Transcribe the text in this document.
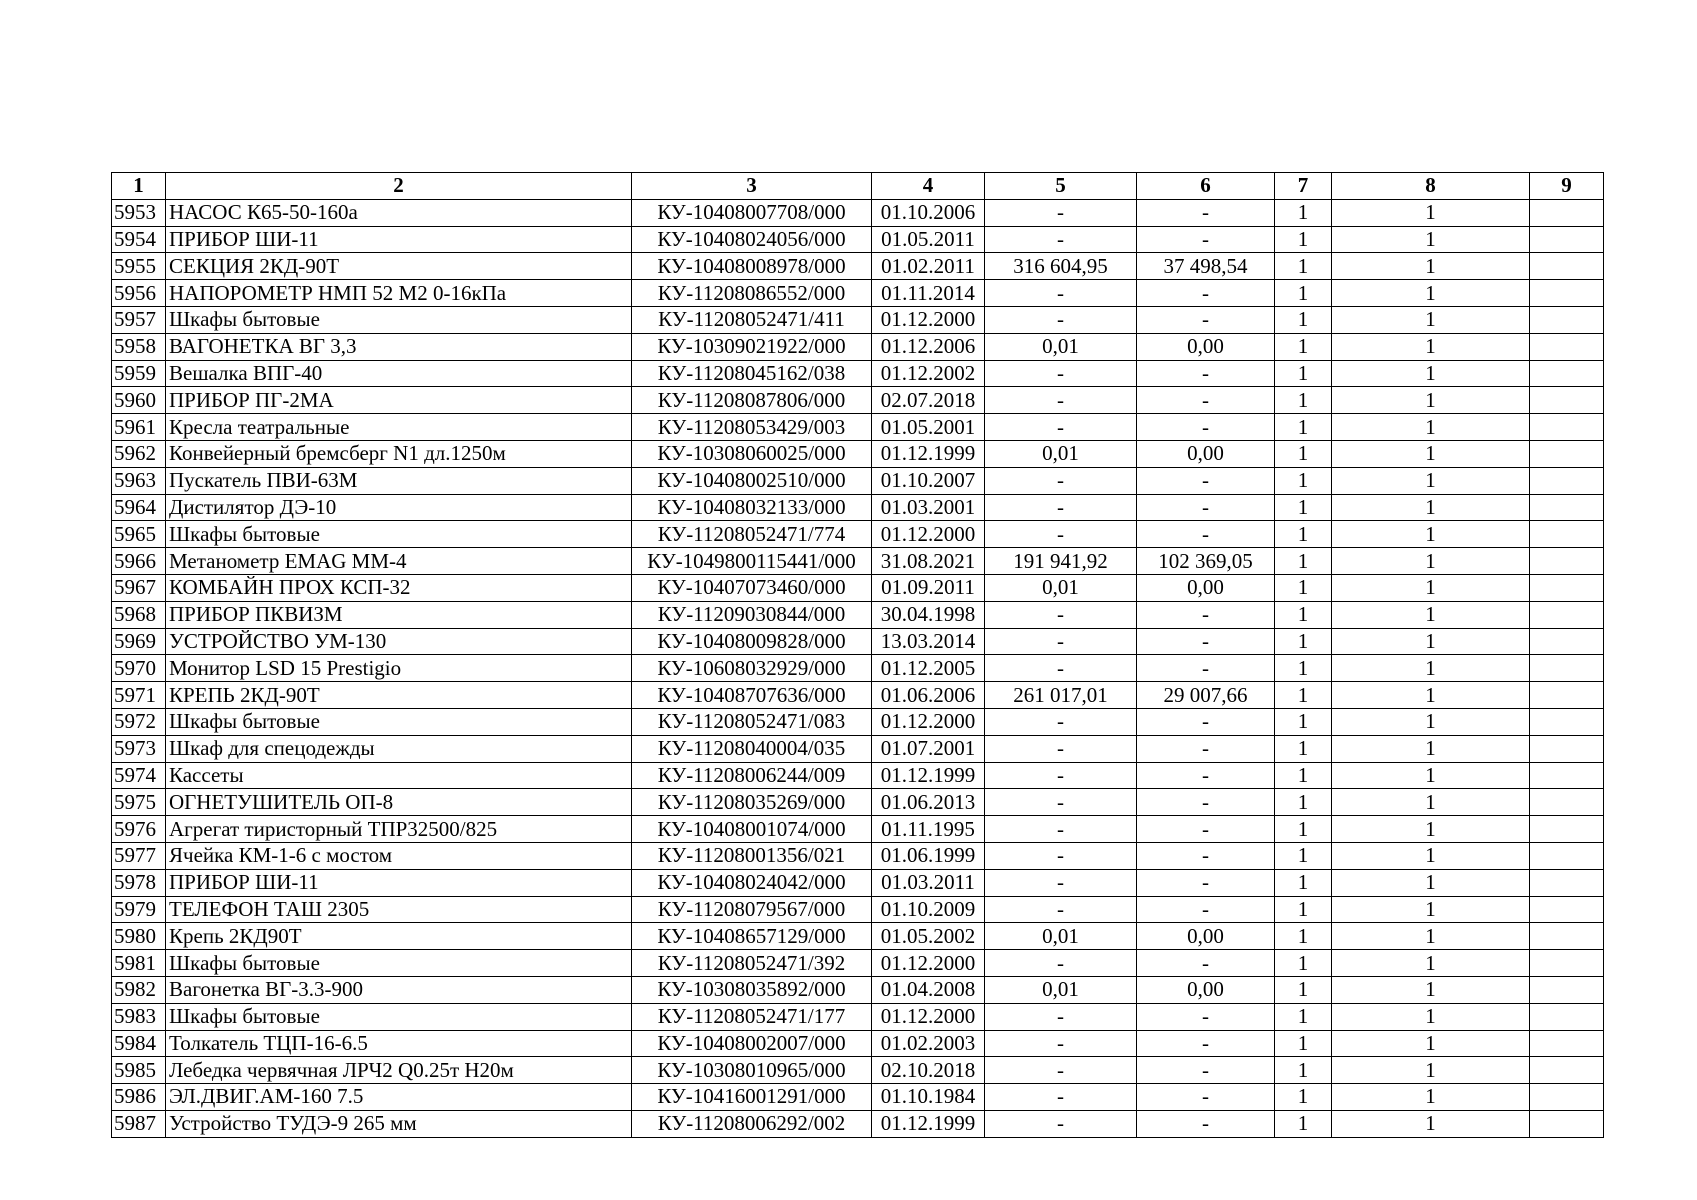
1	2	3	4	5	6	7	8	9
5953	НАСОС К65-50-160а	КУ-10408007708/000	01.10.2006	-	-	1	1	
5954	ПРИБОР ШИ-11	КУ-10408024056/000	01.05.2011	-	-	1	1	
5955	СЕКЦИЯ 2КД-90Т	КУ-10408008978/000	01.02.2011	316 604,95	37 498,54	1	1	
5956	НАПОРОМЕТР НМП 52 М2 0-16кПа	КУ-11208086552/000	01.11.2014	-	-	1	1	
5957	Шкафы бытовые	КУ-11208052471/411	01.12.2000	-	-	1	1	
5958	ВАГОНЕТКА ВГ 3,3	КУ-10309021922/000	01.12.2006	0,01	0,00	1	1	
5959	Вешалка ВПГ-40	КУ-11208045162/038	01.12.2002	-	-	1	1	
5960	ПРИБОР ПГ-2МА	КУ-11208087806/000	02.07.2018	-	-	1	1	
5961	Кресла театральные	КУ-11208053429/003	01.05.2001	-	-	1	1	
5962	Конвейерный бремсберг N1 дл.1250м	КУ-10308060025/000	01.12.1999	0,01	0,00	1	1	
5963	Пускатель ПВИ-63М	КУ-10408002510/000	01.10.2007	-	-	1	1	
5964	Дистилятор ДЭ-10	КУ-10408032133/000	01.03.2001	-	-	1	1	
5965	Шкафы бытовые	КУ-11208052471/774	01.12.2000	-	-	1	1	
5966	Метанометр EMAG MM-4	КУ-1049800115441/000	31.08.2021	191 941,92	102 369,05	1	1	
5967	КОМБАЙН ПРОХ КСП-32	КУ-10407073460/000	01.09.2011	0,01	0,00	1	1	
5968	ПРИБОР ПКВИЗМ	КУ-11209030844/000	30.04.1998	-	-	1	1	
5969	УСТРОЙСТВО УМ-130	КУ-10408009828/000	13.03.2014	-	-	1	1	
5970	Монитор LSD 15 Prestigio	КУ-10608032929/000	01.12.2005	-	-	1	1	
5971	КРЕПЬ 2КД-90Т	КУ-10408707636/000	01.06.2006	261 017,01	29 007,66	1	1	
5972	Шкафы бытовые	КУ-11208052471/083	01.12.2000	-	-	1	1	
5973	Шкаф для спецодежды	КУ-11208040004/035	01.07.2001	-	-	1	1	
5974	Кассеты	КУ-11208006244/009	01.12.1999	-	-	1	1	
5975	ОГНЕТУШИТЕЛЬ ОП-8	КУ-11208035269/000	01.06.2013	-	-	1	1	
5976	Агрегат тиристорный ТПР32500/825	КУ-10408001074/000	01.11.1995	-	-	1	1	
5977	Ячейка КМ-1-6 с мостом	КУ-11208001356/021	01.06.1999	-	-	1	1	
5978	ПРИБОР ШИ-11	КУ-10408024042/000	01.03.2011	-	-	1	1	
5979	ТЕЛЕФОН ТАШ 2305	КУ-11208079567/000	01.10.2009	-	-	1	1	
5980	Крепь 2КД90Т	КУ-10408657129/000	01.05.2002	0,01	0,00	1	1	
5981	Шкафы бытовые	КУ-11208052471/392	01.12.2000	-	-	1	1	
5982	Вагонетка ВГ-3.3-900	КУ-10308035892/000	01.04.2008	0,01	0,00	1	1	
5983	Шкафы бытовые	КУ-11208052471/177	01.12.2000	-	-	1	1	
5984	Толкатель ТЦП-16-6.5	КУ-10408002007/000	01.02.2003	-	-	1	1	
5985	Лебедка червячная ЛРЧ2 Q0.25т H20м	КУ-10308010965/000	02.10.2018	-	-	1	1	
5986	ЭЛ.ДВИГ.АМ-160 7.5	КУ-10416001291/000	01.10.1984	-	-	1	1	
5987	Устройство ТУДЭ-9 265 мм	КУ-11208006292/002	01.12.1999	-	-	1	1	
